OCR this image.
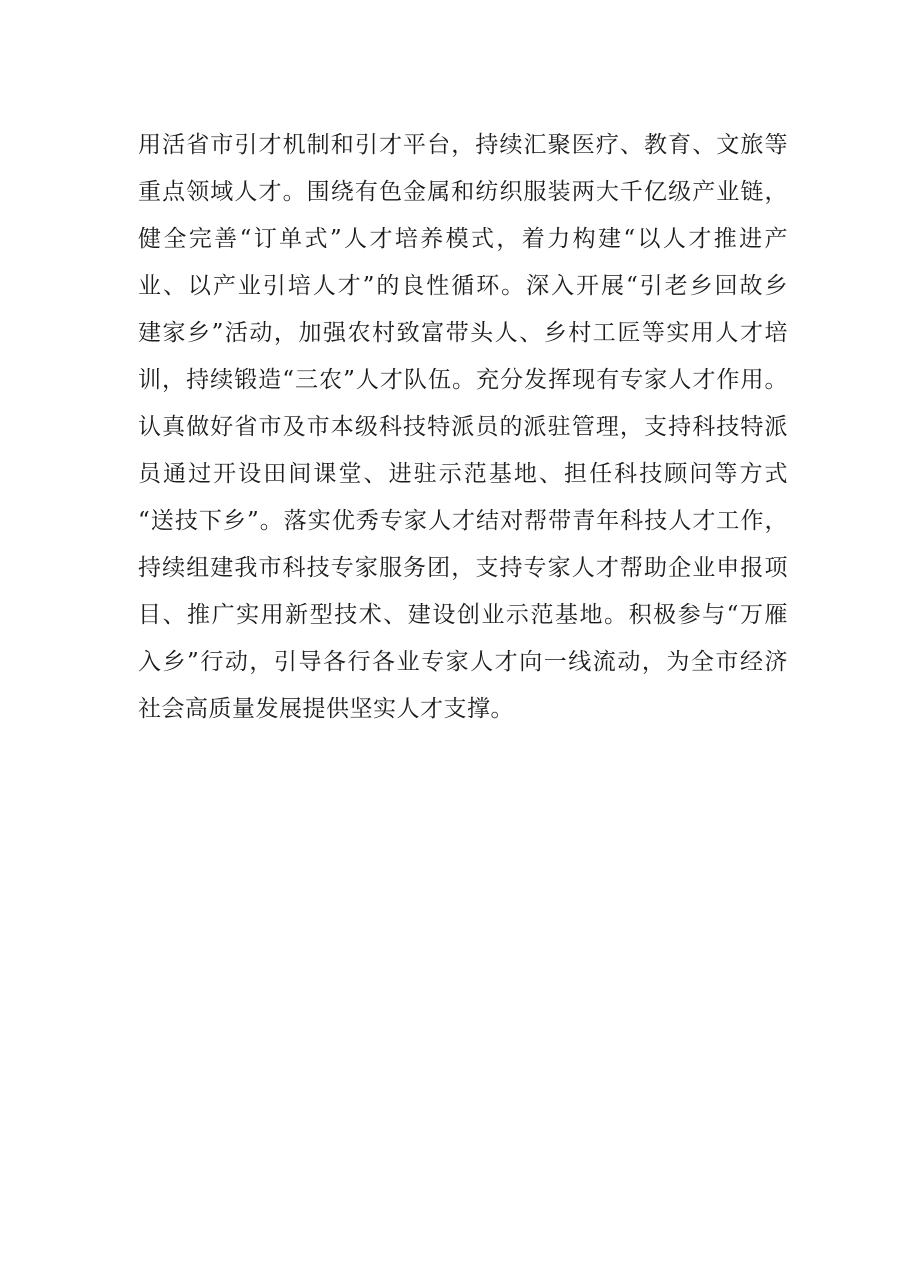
用活省市引才机制和引才平台，持续汇聚医疗、教育、文旅等
重点领域人才。围绕有色金属和纺织服装两大千亿级产业链，
健全完善“订单式”人才培养模式，着力构建“以人才推进产
业、以产业引培人才”的良性循环。深入开展“引老乡回故乡
建家乡”活动，加强农村致富带头人、乡村工匠等实用人才培
训，持续锻造“三农”人才队伍。充分发挥现有专家人才作用。
认真做好省市及市本级科技特派员的派驻管理，支持科技特派
员通过开设田间课堂、进驻示范基地、担任科技顾问等方式
“送技下乡”。落实优秀专家人才结对帮带青年科技人才工作，
持续组建我市科技专家服务团，支持专家人才帮助企业申报项
目、推广实用新型技术、建设创业示范基地。积极参与“万雁
入乡”行动，引导各行各业专家人才向一线流动，为全市经济
社会高质量发展提供坚实人才支撑。
